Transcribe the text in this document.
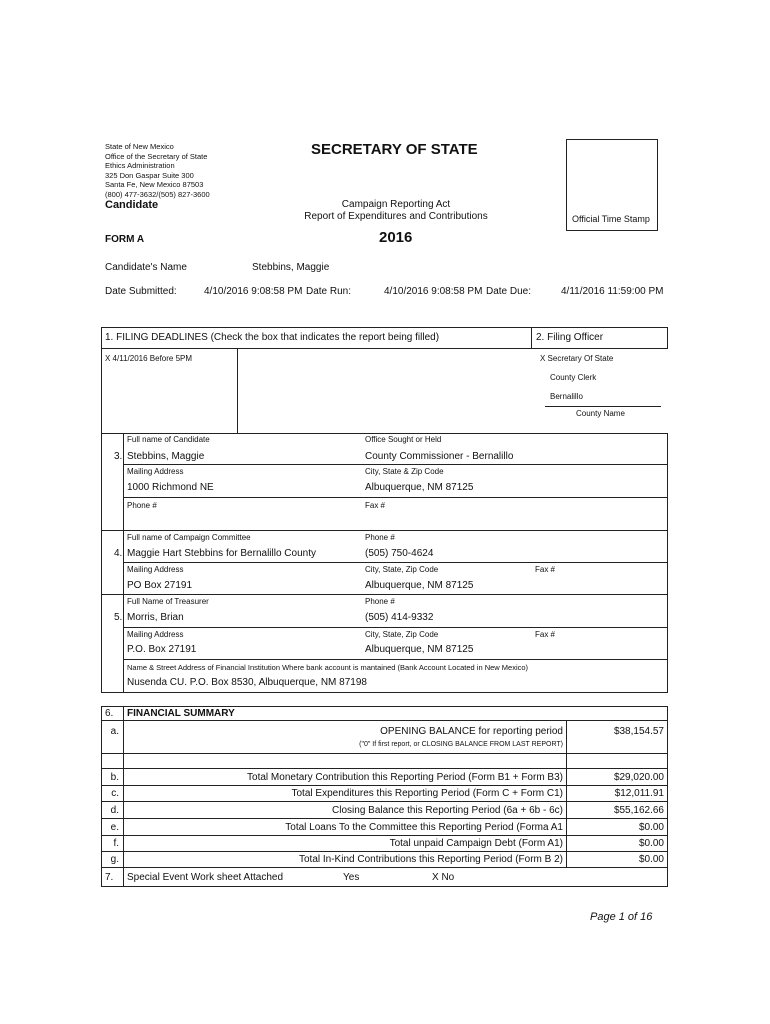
State of New Mexico
Office of the Secretary of State
Ethics Administration
325 Don Gaspar Suite 300
Santa Fe, New Mexico 87503
(800) 477-3632/(505) 827-3600
SECRETARY OF STATE
Official Time Stamp
Candidate	Campaign Reporting Act
Report of Expenditures and Contributions
FORM A	2016
Candidate's Name	Stebbins, Maggie
Date Submitted:	4/10/2016 9:08:58 PM Date Run:	4/10/2016 9:08:58 PM Date Due:	4/11/2016 11:59:00 PM
1. FILING DEADLINES (Check the box that indicates the report being filled)	2. Filing Officer
X 4/11/2016 Before 5PM	X Secretary Of State
County Clerk
Bernalillo
County Name
Full name of Candidate	Office Sought or Held
3. Stebbins, Maggie	County Commissioner - Bernalillo
Mailing Address	City, State & Zip Code
1000 Richmond NE	Albuquerque, NM 87125
Phone #	Fax #
Full name of Campaign Committee	Phone #
4. Maggie Hart Stebbins for Bernalillo County	(505) 750-4624
Mailing Address	City, State, Zip Code	Fax #
PO Box 27191	Albuquerque, NM 87125
Full Name of Treasurer	Phone #
5. Morris, Brian	(505) 414-9332
Mailing Address	City, State, Zip Code	Fax #
P.O. Box 27191	Albuquerque, NM 87125
Name & Street Address of Financial Institution Where bank account is mantained (Bank Account Located in New Mexico)
Nusenda CU. P.O. Box 8530, Albuquerque, NM 87198
6. FINANCIAL SUMMARY
a.	OPENING BALANCE for reporting period	$38,154.57
("0" If first report, or CLOSING BALANCE FROM LAST REPORT)
b.	Total Monetary Contribution this Reporting Period (Form B1 + Form B3)	$29,020.00
c.	Total Expenditures this Reporting Period (Form C + Form C1)	$12,011.91
d.	Closing Balance this Reporting Period (6a + 6b - 6c)	$55,162.66
e.	Total Loans To the Committee this Reporting Period (Forma A1	$0.00
f.	Total unpaid Campaign Debt (Form A1)	$0.00
g.	Total In-Kind Contributions this Reporting Period (Form B 2)	$0.00
7. Special Event Work sheet Attached	Yes	X No
Page 1 of 16
